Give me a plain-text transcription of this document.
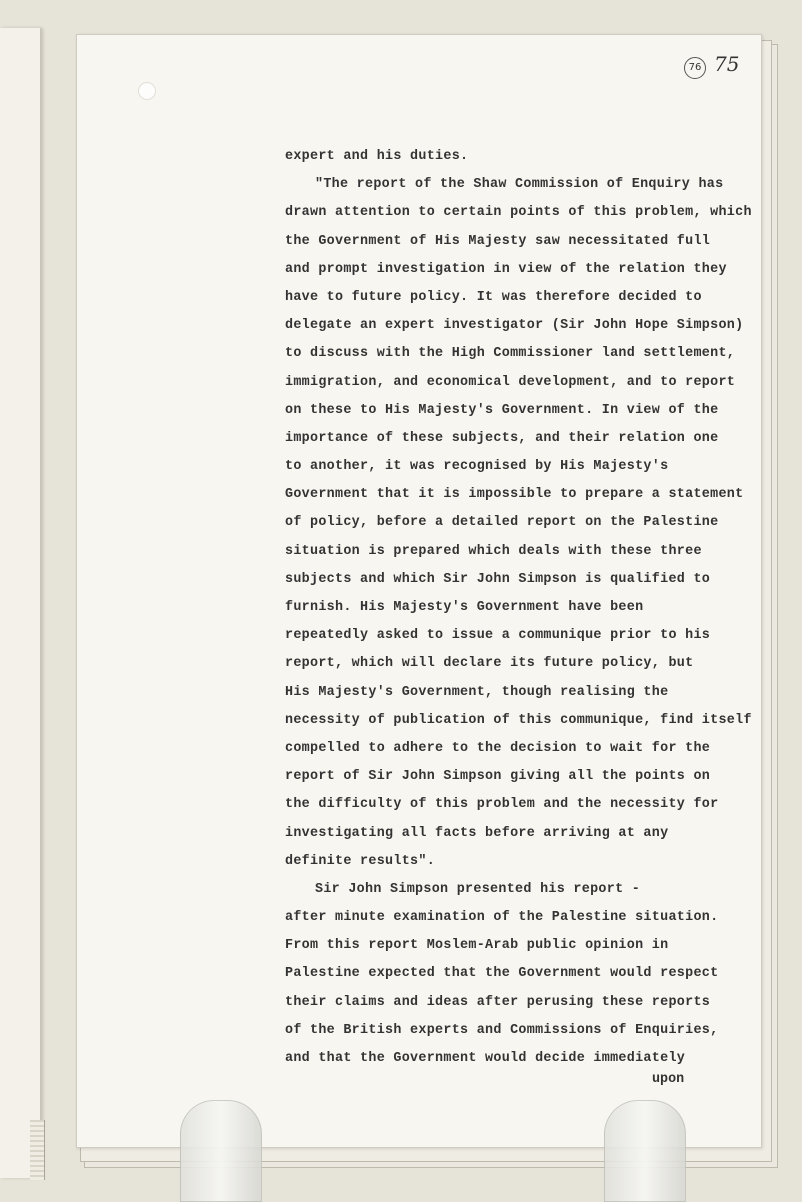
76 75
expert and his duties.
"The report of the Shaw Commission of Enquiry has
drawn attention to certain points of this problem, which
the Government of His Majesty saw necessitated full
and prompt investigation in view of the relation they
have to future policy. It was therefore decided to
delegate an expert investigator (Sir John Hope Simpson)
to discuss with the High Commissioner land settlement,
immigration, and economical development, and to report
on these to His Majesty's Government. In view of the
importance of these subjects, and their relation one
to another, it was recognised by His Majesty's
Government that it is impossible to prepare a statement
of policy, before a detailed report on the Palestine
situation is prepared which deals with these three
subjects and which Sir John Simpson is qualified to
furnish. His Majesty's Government have been
repeatedly asked to issue a communique prior to his
report, which will declare its future policy, but
His Majesty's Government, though realising the
necessity of publication of this communique, find itself
compelled to adhere to the decision to wait for the
report of Sir John Simpson giving all the points on
the difficulty of this problem and the necessity for
investigating all facts before arriving at any
definite results".
Sir John Simpson presented his report -
after minute examination of the Palestine situation.
From this report Moslem-Arab public opinion in
Palestine expected that the Government would respect
their claims and ideas after perusing these reports
of the British experts and Commissions of Enquiries,
and that the Government would decide immediately
upon
